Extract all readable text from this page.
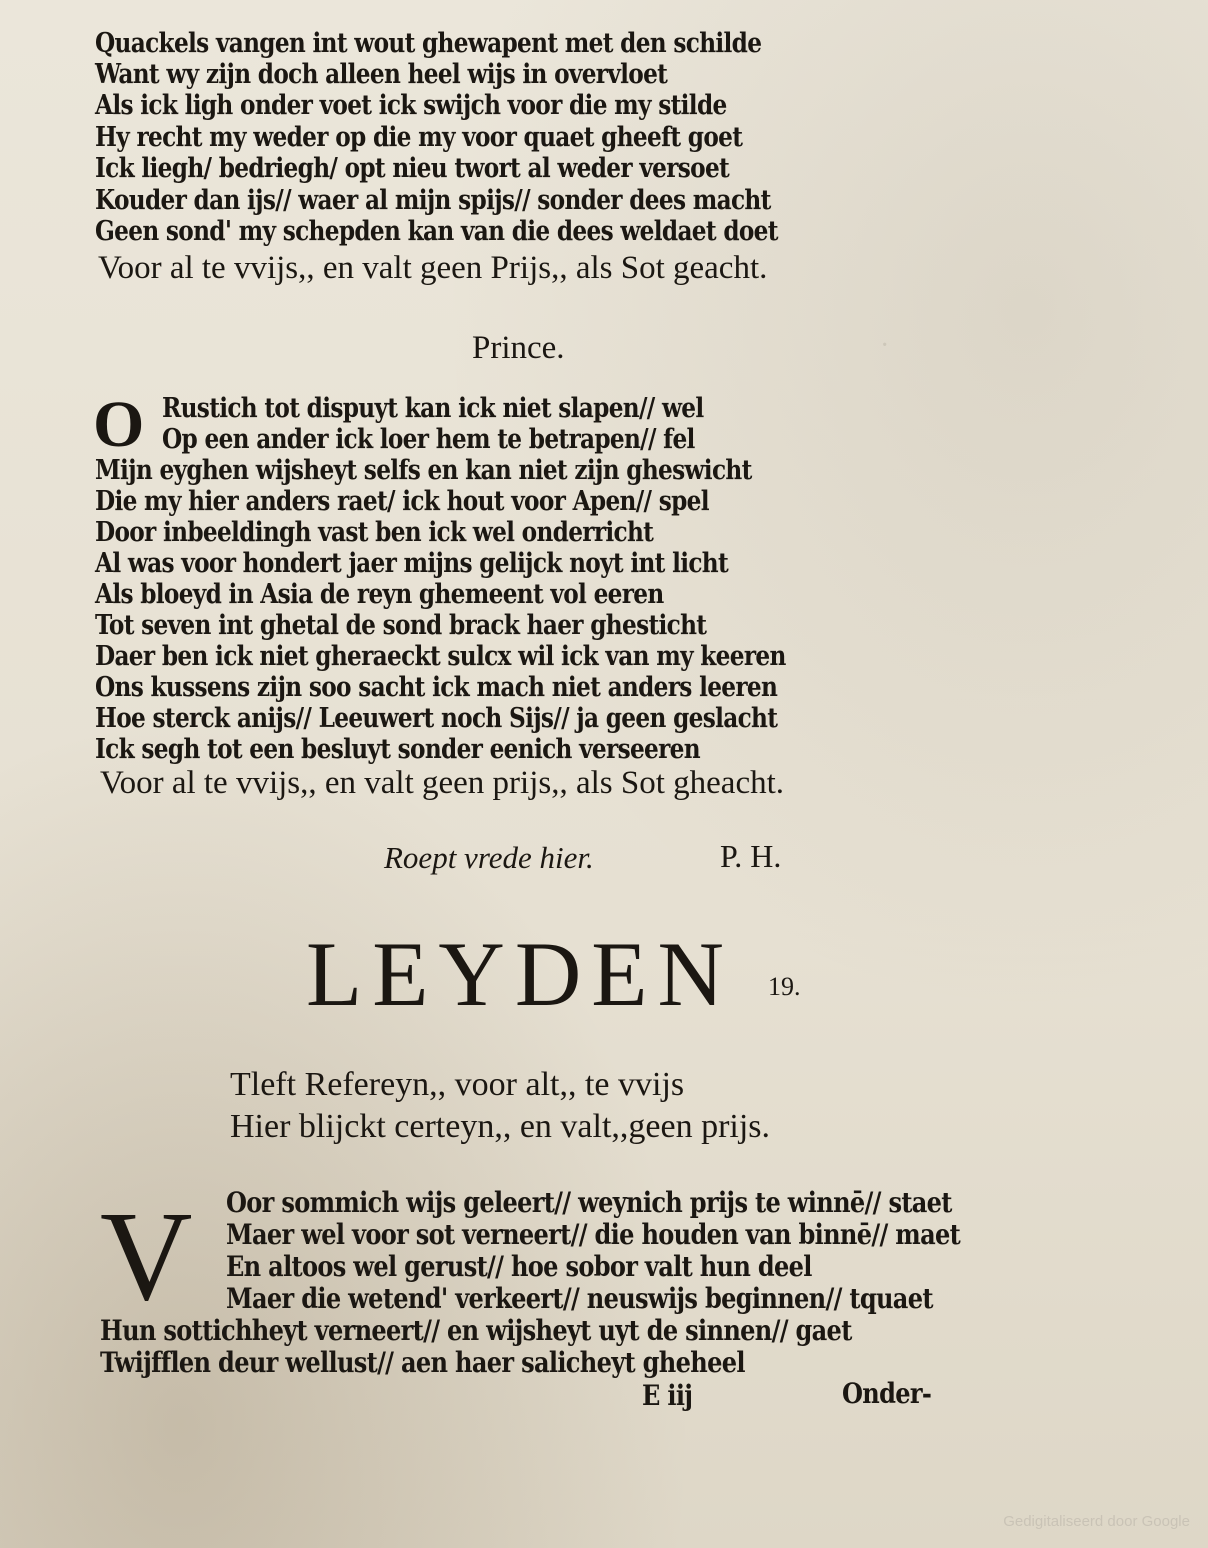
·
Quackels vangen int wout ghewapent met den schilde
Want wy zijn doch alleen heel wijs in overvloet
Als ick ligh onder voet ick swijch voor die my stilde
Hy recht my weder op die my voor quaet gheeft goet
Ick liegh/ bedriegh/ opt nieu twort al weder versoet
Kouder dan ijs// waer al mijn spijs// sonder dees macht
Geen sond' my schepden kan van die dees weldaet doet
Voor al te vvijs,, en valt geen Prijs,, als Sot geacht.
Prince.
O Rustich tot dispuyt kan ick niet slapen// wel
Op een ander ick loer hem te betrapen// fel
Mijn eyghen wijsheyt selfs en kan niet zijn gheswicht
Die my hier anders raet/ ick hout voor Apen// spel
Door inbeeldingh vast ben ick wel onderricht
Al was voor hondert jaer mijns gelijck noyt int licht
Als bloeyd in Asia de reyn ghemeent vol eeren
Tot seven int ghetal de sond brack haer ghesticht
Daer ben ick niet gheraeckt sulcx wil ick van my keeren
Ons kussens zijn soo sacht ick mach niet anders leeren
Hoe sterck anijs// Leeuwert noch Sijs// ja geen geslacht
Ick segh tot een besluyt sonder eenich verseeren
Voor al te vvijs,, en valt geen prijs,, als Sot gheacht.
Roept vrede hier.	P. H.
LEYDEN 19.
Tleft Refereyn,, voor alt,, te vvijs
Hier blijckt certeyn,, en valt,,geen prijs.
V Oor sommich wijs geleert// weynich prijs te winnē// staet
Maer wel voor sot verneert// die houden van binnē// maet
En altoos wel gerust// hoe sobor valt hun deel
Maer die wetend' verkeert// neuswijs beginnen// tquaet
Hun sottichheyt verneert// en wijsheyt uyt de sinnen// gaet
Twijfflen deur wellust// aen haer salicheyt gheheel
E iij	Onder-
Gedigitaliseerd door Google
